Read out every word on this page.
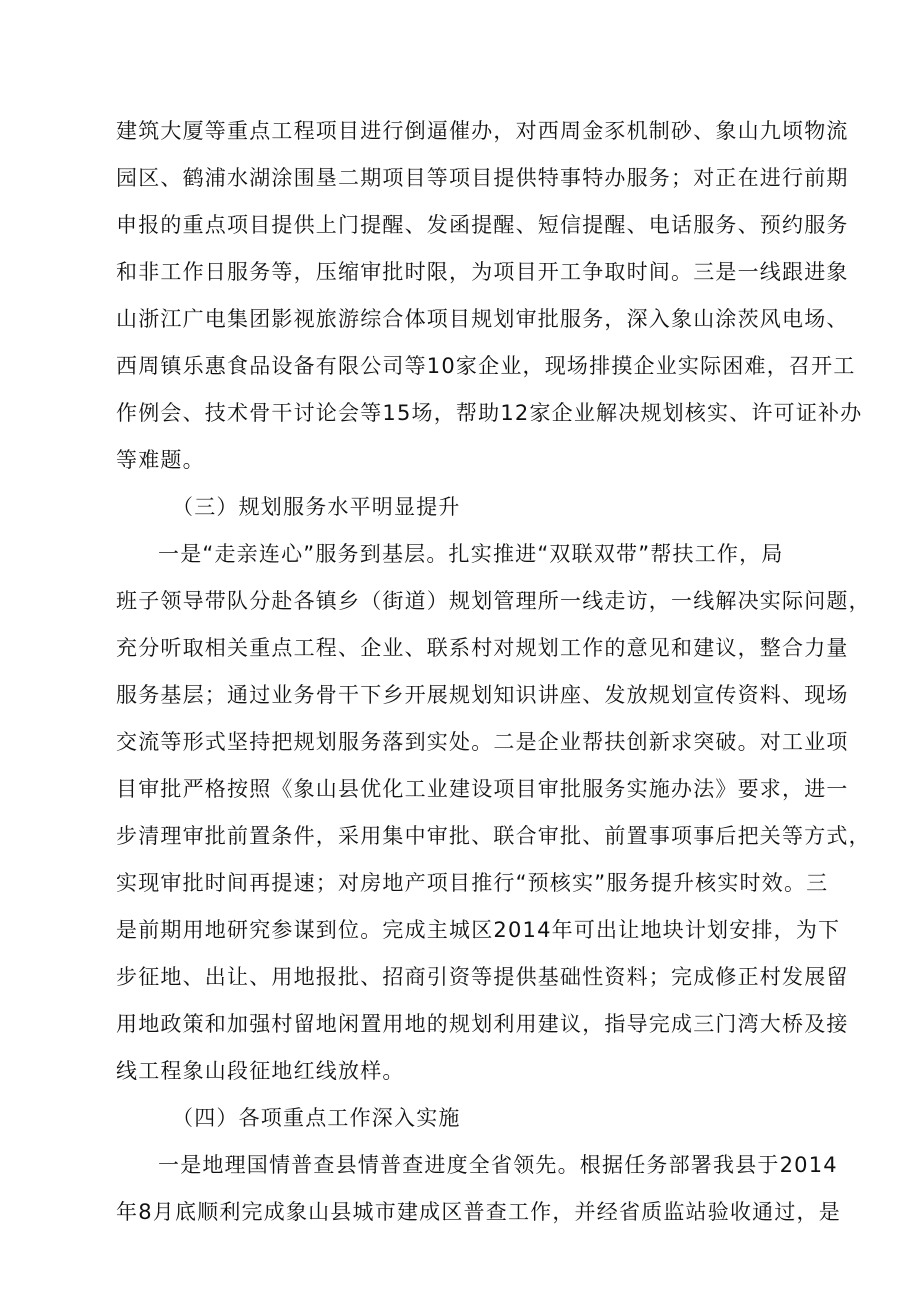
建筑大厦等重点工程项目进行倒逼催办，对西周金豕机制砂、象山九顷物流
园区、鹤浦水湖涂围垦二期项目等项目提供特事特办服务；对正在进行前期
申报的重点项目提供上门提醒、发函提醒、短信提醒、电话服务、预约服务
和非工作日服务等，压缩审批时限，为项目开工争取时间。三是一线跟进象
山浙江广电集团影视旅游综合体项目规划审批服务，深入象山涂茨风电场、
西周镇乐惠食品设备有限公司等10家企业，现场排摸企业实际困难，召开工
作例会、技术骨干讨论会等15场，帮助12家企业解决规划核实、许可证补办
等难题。
（三）规划服务水平明显提升
一是“走亲连心”服务到基层。扎实推进“双联双带”帮扶工作，局
班子领导带队分赴各镇乡（街道）规划管理所一线走访，一线解决实际问题，
充分听取相关重点工程、企业、联系村对规划工作的意见和建议，整合力量
服务基层；通过业务骨干下乡开展规划知识讲座、发放规划宣传资料、现场
交流等形式坚持把规划服务落到实处。二是企业帮扶创新求突破。对工业项
目审批严格按照《象山县优化工业建设项目审批服务实施办法》要求，进一
步清理审批前置条件，采用集中审批、联合审批、前置事项事后把关等方式，
实现审批时间再提速；对房地产项目推行“预核实”服务提升核实时效。三
是前期用地研究参谋到位。完成主城区2014年可出让地块计划安排，为下
步征地、出让、用地报批、招商引资等提供基础性资料；完成修正村发展留
用地政策和加强村留地闲置用地的规划利用建议，指导完成三门湾大桥及接
线工程象山段征地红线放样。
（四）各项重点工作深入实施
一是地理国情普查县情普查进度全省领先。根据任务部署我县于2014
年8月底顺利完成象山县城市建成区普查工作，并经省质监站验收通过，是
